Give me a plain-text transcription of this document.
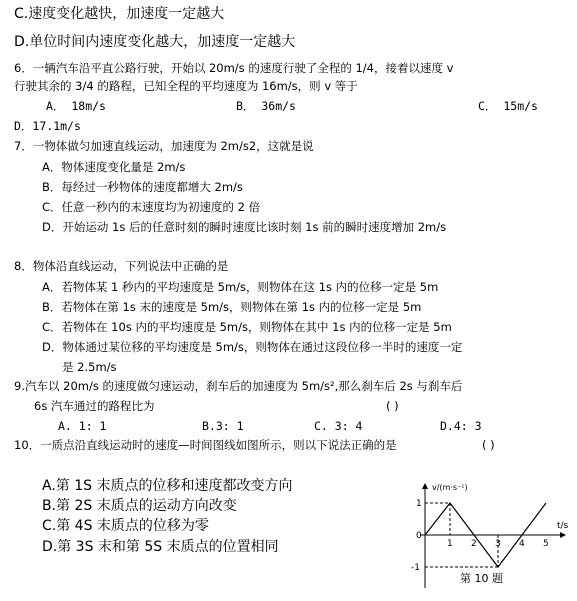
C.速度变化越快，加速度一定越大
D.单位时间内速度变化越大，加速度一定越大
6．一辆汽车沿平直公路行驶，开始以 20m/s 的速度行驶了全程的 1/4，接着以速度 v
行驶其余的 3/4 的路程，已知全程的平均速度为 16m/s，则 v 等于
A． 18m/s	B． 36m/s	C． 15m/s
D．17.1m/s
7．一物体做匀加速直线运动，加速度为 2m/s2，这就是说
A．物体速度变化量是 2m/s
B．每经过一秒物体的速度都增大 2m/s
C．任意一秒内的末速度均为初速度的 2 倍
D．开始运动 1s 后的任意时刻的瞬时速度比该时刻 1s 前的瞬时速度增加 2m/s
8．物体沿直线运动，下列说法中正确的是
A．若物体某 1 秒内的平均速度是 5m/s，则物体在这 1s 内的位移一定是 5m
B．若物体在第 1s 末的速度是 5m/s，则物体在第 1s 内的位移一定是 5m
C．若物体在 10s 内的平均速度是 5m/s，则物体在其中 1s 内的位移一定是 5m
D．物体通过某位移的平均速度是 5m/s，则物体在通过这段位移一半时的速度一定
是 2.5m/s
9.汽车以 20m/s 的速度做匀速运动，刹车后的加速度为 5m/s²,那么刹车后 2s 与刹车后
6s 汽车通过的路程比为	( )
A. 1: 1	B.3: 1	C. 3: 4	D.4: 3
10．一质点沿直线运动时的速度—时间图线如图所示，则以下说法正确的是	( )
A.第 1S 末质点的位移和速度都改变方向
B.第 2S 末质点的运动方向改变
C.第 4S 末质点的位移为零
D.第 3S 末和第 5S 末质点的位置相同
v/(m·s⁻¹)
t/s
0
1
-1
1 2 3 4 5
第 10 题
